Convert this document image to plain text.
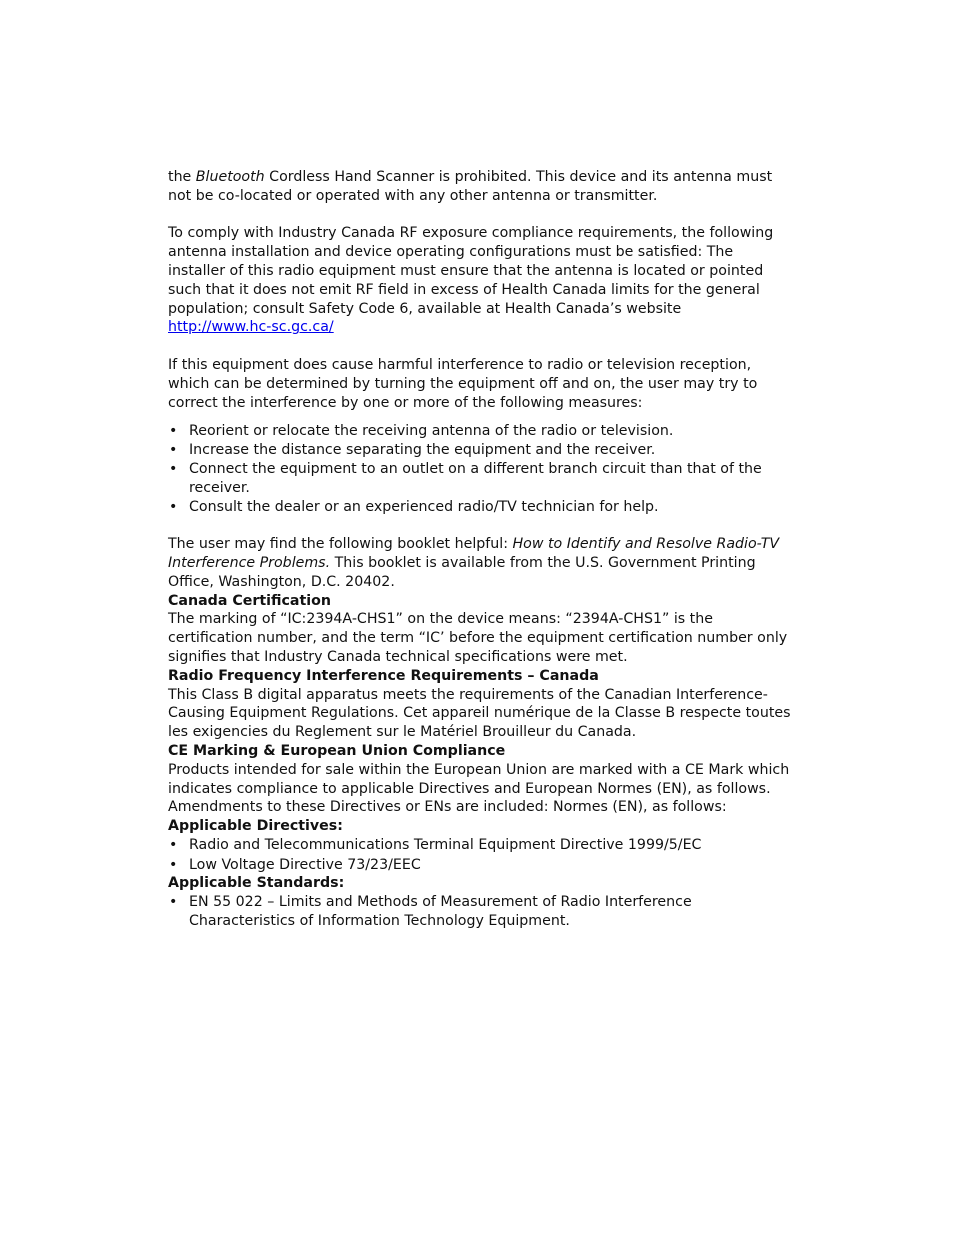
the Bluetooth Cordless Hand Scanner is prohibited. This device and its antenna must not be co-located or operated with any other antenna or transmitter.

To comply with Industry Canada RF exposure compliance requirements, the following antenna installation and device operating configurations must be satisfied: The installer of this radio equipment must ensure that the antenna is located or pointed such that it does not emit RF field in excess of Health Canada limits for the general population; consult Safety Code 6, available at Health Canada’s website
http://www.hc-sc.gc.ca/

If this equipment does cause harmful interference to radio or television reception, which can be determined by turning the equipment off and on, the user may try to correct the interference by one or more of the following measures:

• Reorient or relocate the receiving antenna of the radio or television.
• Increase the distance separating the equipment and the receiver.
• Connect the equipment to an outlet on a different branch circuit than that of the receiver.
• Consult the dealer or an experienced radio/TV technician for help.

The user may find the following booklet helpful: How to Identify and Resolve Radio-TV Interference Problems. This booklet is available from the U.S. Government Printing Office, Washington, D.C. 20402.

Canada Certification

The marking of “IC:2394A-CHS1” on the device means: “2394A-CHS1” is the certification number, and the term “IC’ before the equipment certification number only signifies that Industry Canada technical specifications were met.

Radio Frequency Interference Requirements – Canada

This Class B digital apparatus meets the requirements of the Canadian Interference-Causing Equipment Regulations. Cet appareil numérique de la Classe B respecte toutes les exigencies du Reglement sur le Matériel Brouilleur du Canada.

CE Marking & European Union Compliance

Products intended for sale within the European Union are marked with a CE Mark which indicates compliance to applicable Directives and European Normes (EN), as follows. Amendments to these Directives or ENs are included: Normes (EN), as follows:

Applicable Directives:

• Radio and Telecommunications Terminal Equipment Directive 1999/5/EC
• Low Voltage Directive 73/23/EEC

Applicable Standards:

• EN 55 022 – Limits and Methods of Measurement of Radio Interference Characteristics of Information Technology Equipment.
